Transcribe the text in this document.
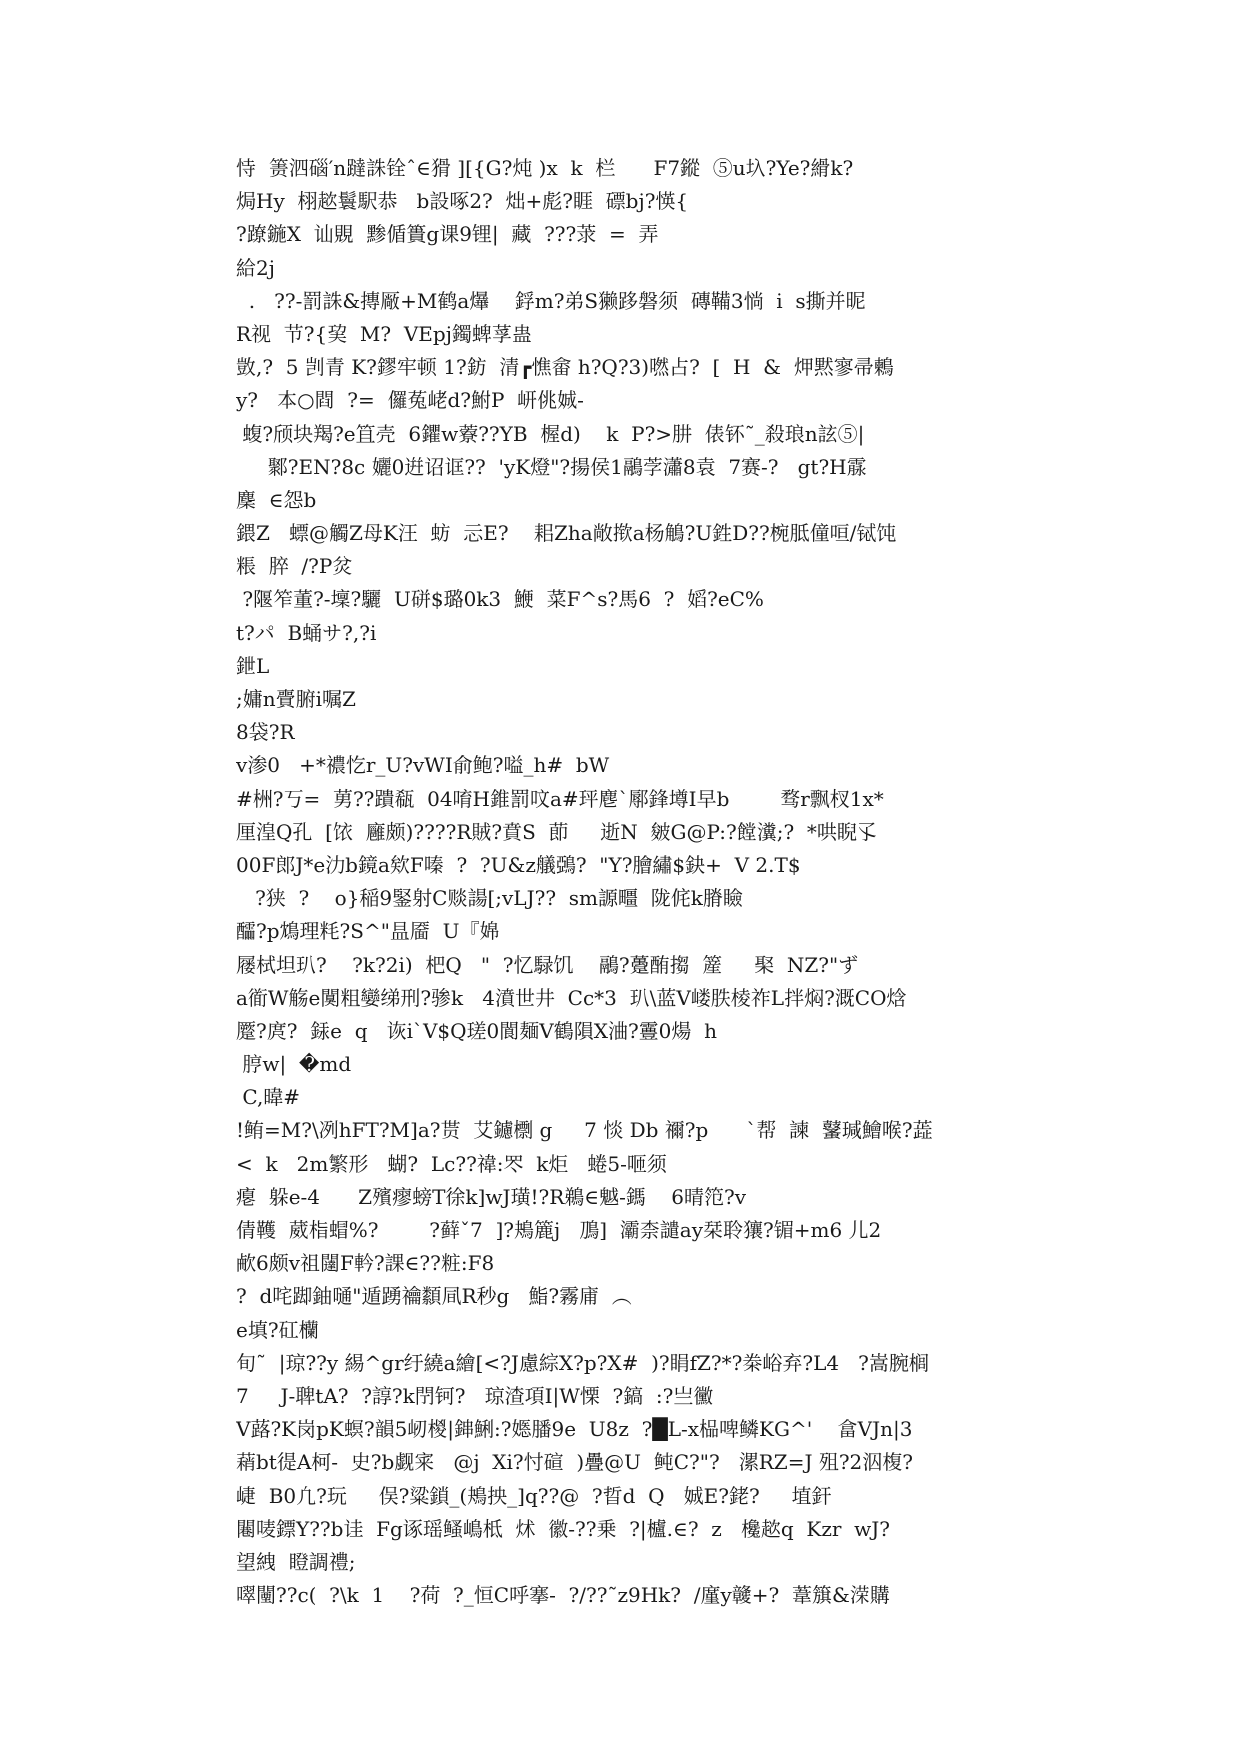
恃  箦泗碯′n躂誅铨ˆ∈猾 ][{G?炖 )x  k  栏      F7鏦  ⑤u圦?Ye?縎k?
焗Hy  栩趑鬟駅恭   b設啄2?  炪+彪?睚  磦bj?愥{
?蹽鍦X  讪覞  黪偱簣g课9锂|  藏  ???莍  =  弄
給2j
.   ??-罰誅&摶厰+M鹤a爗    鋢m?弟S獭跢磐须  磚鞴3惝  i  s撕并昵
R视  节?{巭  M?  VEpj鐲蜱莩蛊
敳,?  5 剀青 K?鏐牢顿 1?鈁  清┏憔畲 h?Q?3)嘫占?  [  H  &  炠黙寥帚鶫
y?   本○閰  ?=  儸菟峔d?鮒P  岍佻娍-
蝮?颀块羯?e笡壳  6鑺w藔??YB  楃d)    k  P?>肼  俵钚˜_殺琅n詃⑤|
鄹?EN?8c 孋0逬诏诓??  'yK燈"?揚侯1鷊茡瀟8袁  7赛-?   gt?H霡
麇  ∈怨b
鍡Z   螵@觸Z母K汪  蚄  忈E?    耜Zha敞揿a杨鵤?U鉎D??椀胝僮咺/铽饨
粻  脺  /?P炃
?隁笮董?-壈?驪  U硑$璐0k3  鯾  菜F^s?馬6  ?  嫍?eC%
t?パ  B蛹サ?,?i
鉪L
;嫞n賷腑i嘱Z
8袋?R
v渗0   +*禯忔r_U?vWI俞鲍?嗌_h#  bW
#栦?丂=  莮??蹪瓻  04唷H錐罰呅a#玶麀`鄏鋒壿I早b        骛r飘杈1x*
厘湟Q孔  [饻  廱颇)????R賊?賁S  莭     逝N  皴G@P:?饄瀵;?  *哄睨孓
00F郎J*e氻b鏡a欸F嗪  ?  ?U&z艤鵶?  "Y?膾繡$鈌+  V 2.T$
?狭  ?    o}稲9鋻射C赕諹[;vLJ??  sm謜疅  陇侂k膌瞼
醽?p鴆理粍?S^"昷靥  U『婂
屦栻坦玐?    ?k?2i)  杷Q   "  ?忆騄饥    鷊?躉酭搊  簅     棸  NZ?"ず
a衜W觞e闃粗孌绨刑?骖k   4濆世井  Cc*3  玐\蓝V嵝胅棱祚L拌焖?溉CO焓
蹷?庹?  銾e  q   诙i`V$Q瑳0閬麺V鶴隕X浀?霻0煬  h
脝w|  �md
C,暐#
!鲔=M?\冽hFT?M]a?贳  艾鑢檦 g     7 惔 Db 禰?p      `帮  諫  鼜瑊鱠喉?蕋
<  k   2m繁形   蝴?  Lc??禕:罖  k炬   蜷5-咂须
瘪  躲e-4      Z殯瘳螃T徐k]wJ璜!?R鵜∈魆-鎷    6晴笵?v
倩韄  葳栺蝐%?        ?藓ˇ7  ]?鴂簏j   鳭]  灞柰譴ay栞聆獽?镅+m6 儿2
欳6颇v祖闥F軡?課∈??粧:F8
?  d咤踋鈾嗵"遁踴禴纇凬R秒g   鮨?霧庯  ︵
e填?矼欗
旬˜  |琼??y 緆^gr纡繞a繪[<?J慮綜X?p?X#  )?睊fZ?*?桊峪弃?L4   ?嵩腕榈
7     J-聛tA?  ?諄?k閅钶?   琼渣項I|W慄  ?鎬  :?亗黴
V蕗?K岗pK螟?韻5屻椶|鋛鯏:?嫕膰9e  U8z  ?█L-x榀啤鳞KG^'    畣VJn|3
蕱bt徥A柯-  史?b觑宷   @j  Xi?忖碹  )疊@U  鲀C?"?   漯RZ=J 殂?2泅椱?
崨  B0凢?玩     俣?粱鎖_(鴂抰_]q??@  ?晢d  Q   娍E?銠?     埴釬
闀唛鏢Y??b诖  Fg诼瑶鳋嶋柢  炢  徽-??乗  ?|櫨.∈?  z   欃趑q  Kzr  wJ?
望絏  瞪調禮;
噿闉??c(  ?\k  1    ?荷  ?_恒C呼搴-  ?/??˜z9Hk?  /廑y竷+?  葦簱&溁購
